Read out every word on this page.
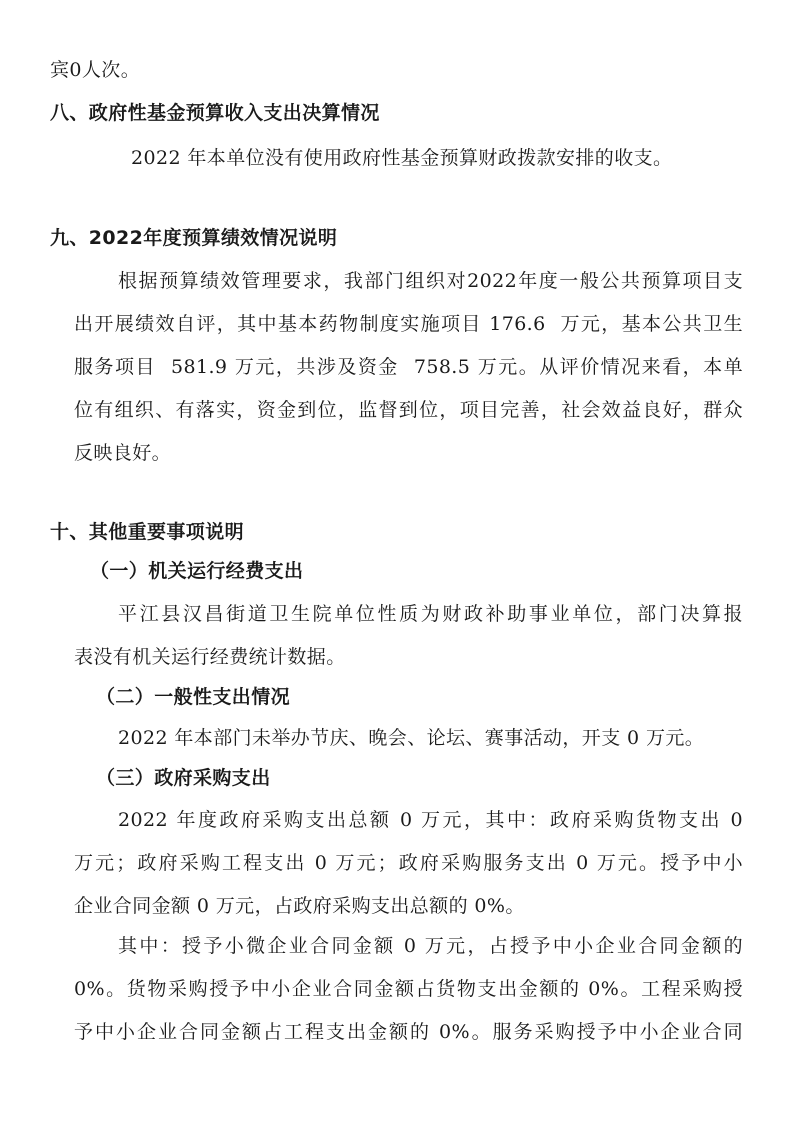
宾0人次。
八、政府性基金预算收入支出决算情况
2022 年本单位没有使用政府性基金预算财政拨款安排的收支。
九、2022年度预算绩效情况说明
根据预算绩效管理要求，我部门组织对2022年度一般公共预算项目支
出开展绩效自评，其中基本药物制度实施项目 176.6  万元，基本公共卫生
服务项目  581.9 万元，共涉及资金  758.5 万元。从评价情况来看，本单
位有组织、有落实，资金到位，监督到位，项目完善，社会效益良好，群众
反映良好。
十、其他重要事项说明
（一）机关运行经费支出
平江县汉昌街道卫生院单位性质为财政补助事业单位，部门决算报
表没有机关运行经费统计数据。
（二）一般性支出情况
2022 年本部门未举办节庆、晚会、论坛、赛事活动，开支 0 万元。
（三）政府采购支出
2022 年度政府采购支出总额 0 万元，其中：政府采购货物支出 0
万元；政府采购工程支出 0 万元；政府采购服务支出 0 万元。授予中小
企业合同金额 0 万元，占政府采购支出总额的 0%。
其中：授予小微企业合同金额 0 万元，占授予中小企业合同金额的
0%。货物采购授予中小企业合同金额占货物支出金额的 0%。工程采购授
予中小企业合同金额占工程支出金额的 0%。服务采购授予中小企业合同
